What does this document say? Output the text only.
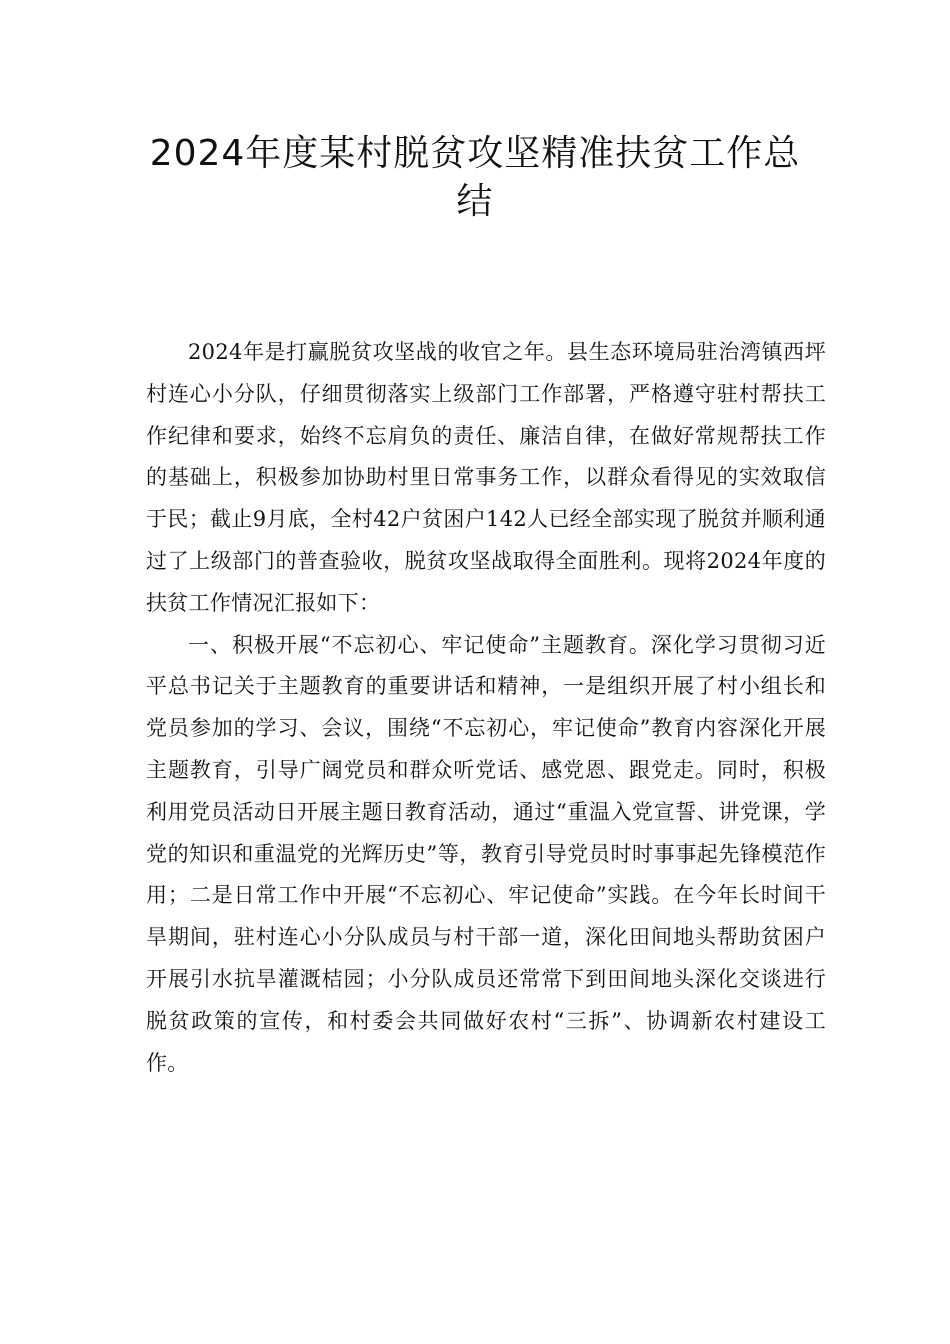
2024年度某村脱贫攻坚精准扶贫工作总结

2024年是打赢脱贫攻坚战的收官之年。县生态环境局驻治湾镇西坪村连心小分队，仔细贯彻落实上级部门工作部署，严格遵守驻村帮扶工作纪律和要求，始终不忘肩负的责任、廉洁自律，在做好常规帮扶工作的基础上，积极参加协助村里日常事务工作，以群众看得见的实效取信于民；截止9月底，全村42户贫困户142人已经全部实现了脱贫并顺利通过了上级部门的普查验收，脱贫攻坚战取得全面胜利。现将2024年度的扶贫工作情况汇报如下：

一、积极开展“不忘初心、牢记使命”主题教育。深化学习贯彻习近平总书记关于主题教育的重要讲话和精神，一是组织开展了村小组长和党员参加的学习、会议，围绕“不忘初心，牢记使命”教育内容深化开展主题教育，引导广阔党员和群众听党话、感党恩、跟党走。同时，积极利用党员活动日开展主题日教育活动，通过“重温入党宣誓、讲党课，学党的知识和重温党的光辉历史”等，教育引导党员时时事事起先锋模范作用；二是日常工作中开展“不忘初心、牢记使命”实践。在今年长时间干旱期间，驻村连心小分队成员与村干部一道，深化田间地头帮助贫困户开展引水抗旱灌溉桔园；小分队成员还常常下到田间地头深化交谈进行脱贫政策的宣传，和村委会共同做好农村“三拆”、协调新农村建设工作。
